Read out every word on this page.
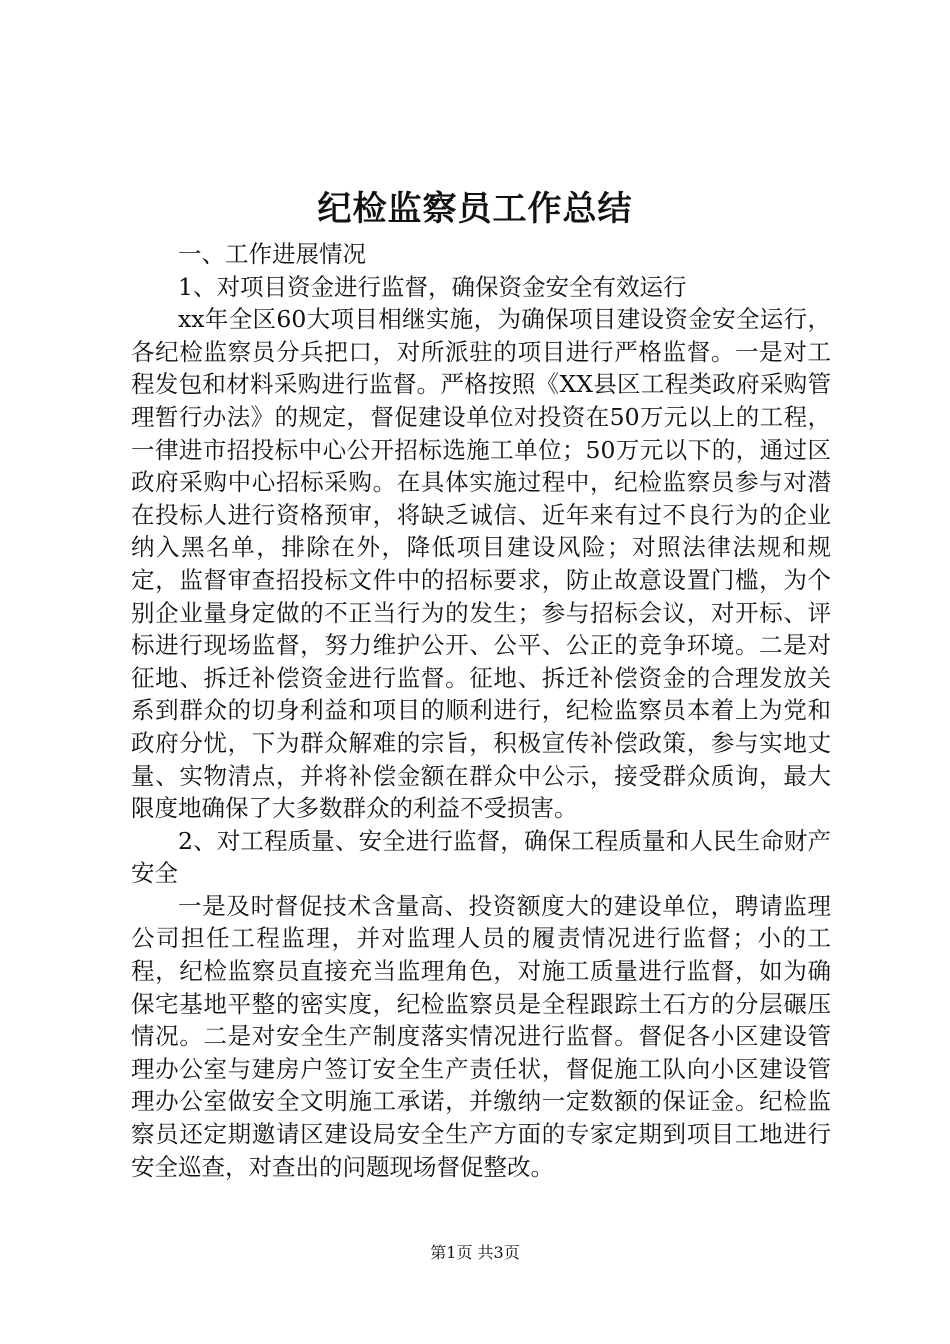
纪检监察员工作总结

一、工作进展情况

1、对项目资金进行监督，确保资金安全有效运行

xx年全区60大项目相继实施，为确保项目建设资金安全运行，各纪检监察员分兵把口，对所派驻的项目进行严格监督。一是对工程发包和材料采购进行监督。严格按照《XX县区工程类政府采购管理暂行办法》的规定，督促建设单位对投资在50万元以上的工程，一律进市招投标中心公开招标选施工单位；50万元以下的，通过区政府采购中心招标采购。在具体实施过程中，纪检监察员参与对潜在投标人进行资格预审，将缺乏诚信、近年来有过不良行为的企业纳入黑名单，排除在外，降低项目建设风险；对照法律法规和规定，监督审查招投标文件中的招标要求，防止故意设置门槛，为个别企业量身定做的不正当行为的发生；参与招标会议，对开标、评标进行现场监督，努力维护公开、公平、公正的竞争环境。二是对征地、拆迁补偿资金进行监督。征地、拆迁补偿资金的合理发放关系到群众的切身利益和项目的顺利进行，纪检监察员本着上为党和政府分忧，下为群众解难的宗旨，积极宣传补偿政策，参与实地丈量、实物清点，并将补偿金额在群众中公示，接受群众质询，最大限度地确保了大多数群众的利益不受损害。

2、对工程质量、安全进行监督，确保工程质量和人民生命财产安全

一是及时督促技术含量高、投资额度大的建设单位，聘请监理公司担任工程监理，并对监理人员的履责情况进行监督；小的工程，纪检监察员直接充当监理角色，对施工质量进行监督，如为确保宅基地平整的密实度，纪检监察员是全程跟踪土石方的分层碾压情况。二是对安全生产制度落实情况进行监督。督促各小区建设管理办公室与建房户签订安全生产责任状，督促施工队向小区建设管理办公室做安全文明施工承诺，并缴纳一定数额的保证金。纪检监察员还定期邀请区建设局安全生产方面的专家定期到项目工地进行安全巡查，对查出的问题现场督促整改。

第1页 共3页
